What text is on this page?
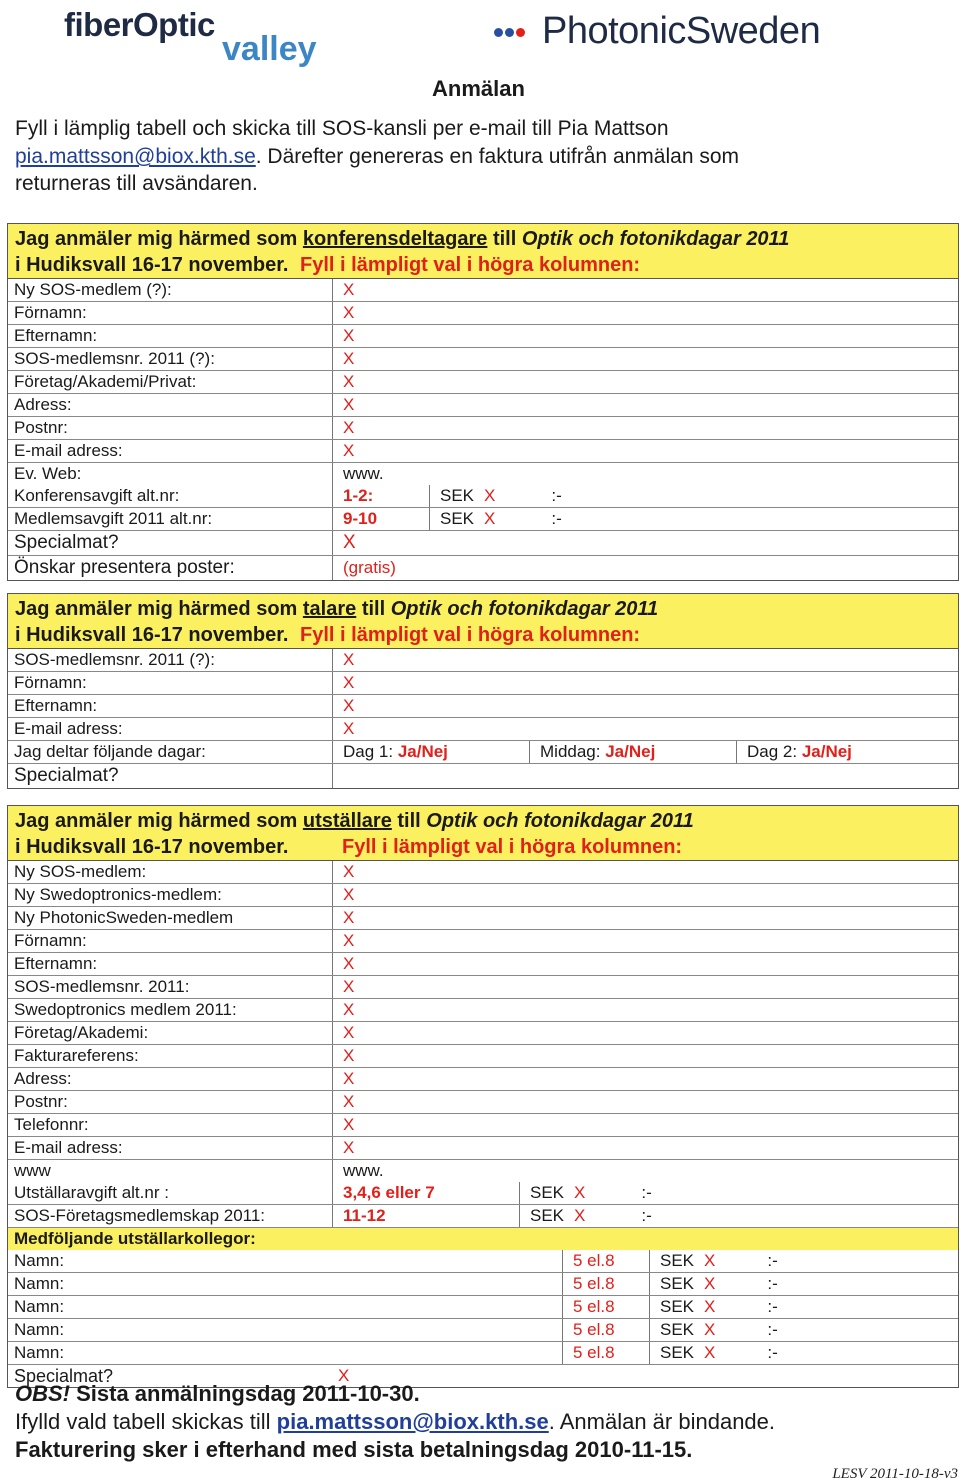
fiberOptic
valley	PhotonicSweden
Anmälan
Fyll i lämplig tabell och skicka till SOS-kansli per e-mail till Pia Mattson
pia.mattsson@biox.kth.se. Därefter genereras en faktura utifrån anmälan som
returneras till avsändaren.
Jag anmäler mig härmed som konferensdeltagare till Optik och fotonikdagar 2011
i Hudiksvall 16-17 november. Fyll i lämpligt val i högra kolumnen:
Ny SOS-medlem (?):	X
Förnamn:	X
Efternamn:	X
SOS-medlemsnr. 2011 (?):	X
Företag/Akademi/Privat:	X
Adress:	X
Postnr:	X
E-mail adress:	X
Ev. Web:	www.
Konferensavgift alt.nr:	1-2:	SEK X	:-
Medlemsavgift 2011 alt.nr:	9-10	SEK X	:-
Specialmat?	X
Önskar presentera poster:	(gratis)
Jag anmäler mig härmed som talare till Optik och fotonikdagar 2011
i Hudiksvall 16-17 november. Fyll i lämpligt val i högra kolumnen:
SOS-medlemsnr. 2011 (?):	X
Förnamn:	X
Efternamn:	X
E-mail adress:	X
Jag deltar följande dagar:	Dag 1: Ja/Nej	Middag: Ja/Nej	Dag 2: Ja/Nej
Specialmat?
Jag anmäler mig härmed som utställare till Optik och fotonikdagar 2011
i Hudiksvall 16-17 november.	Fyll i lämpligt val i högra kolumnen:
Ny SOS-medlem:	X
Ny Swedoptronics-medlem:	X
Ny PhotonicSweden-medlem	X
Förnamn:	X
Efternamn:	X
SOS-medlemsnr. 2011:	X
Swedoptronics medlem 2011:	X
Företag/Akademi:	X
Fakturareferens:	X
Adress:	X
Postnr:	X
Telefonnr:	X
E-mail adress:	X
www	www.
Utställaravgift alt.nr :	3,4,6 eller 7	SEK X	:-
SOS-Företagsmedlemskap 2011:	11-12	SEK X	:-
Medföljande utställarkollegor:
Namn:	5 el.8	SEK X	:-
Namn:	5 el.8	SEK X	:-
Namn:	5 el.8	SEK X	:-
Namn:	5 el.8	SEK X	:-
Namn:	5 el.8	SEK X	:-
Specialmat?	X
OBS! Sista anmälningsdag 2011-10-30.
Ifylld vald tabell skickas till pia.mattsson@biox.kth.se. Anmälan är bindande.
Fakturering sker i efterhand med sista betalningsdag 2010-11-15.
LESV 2011-10-18-v3
